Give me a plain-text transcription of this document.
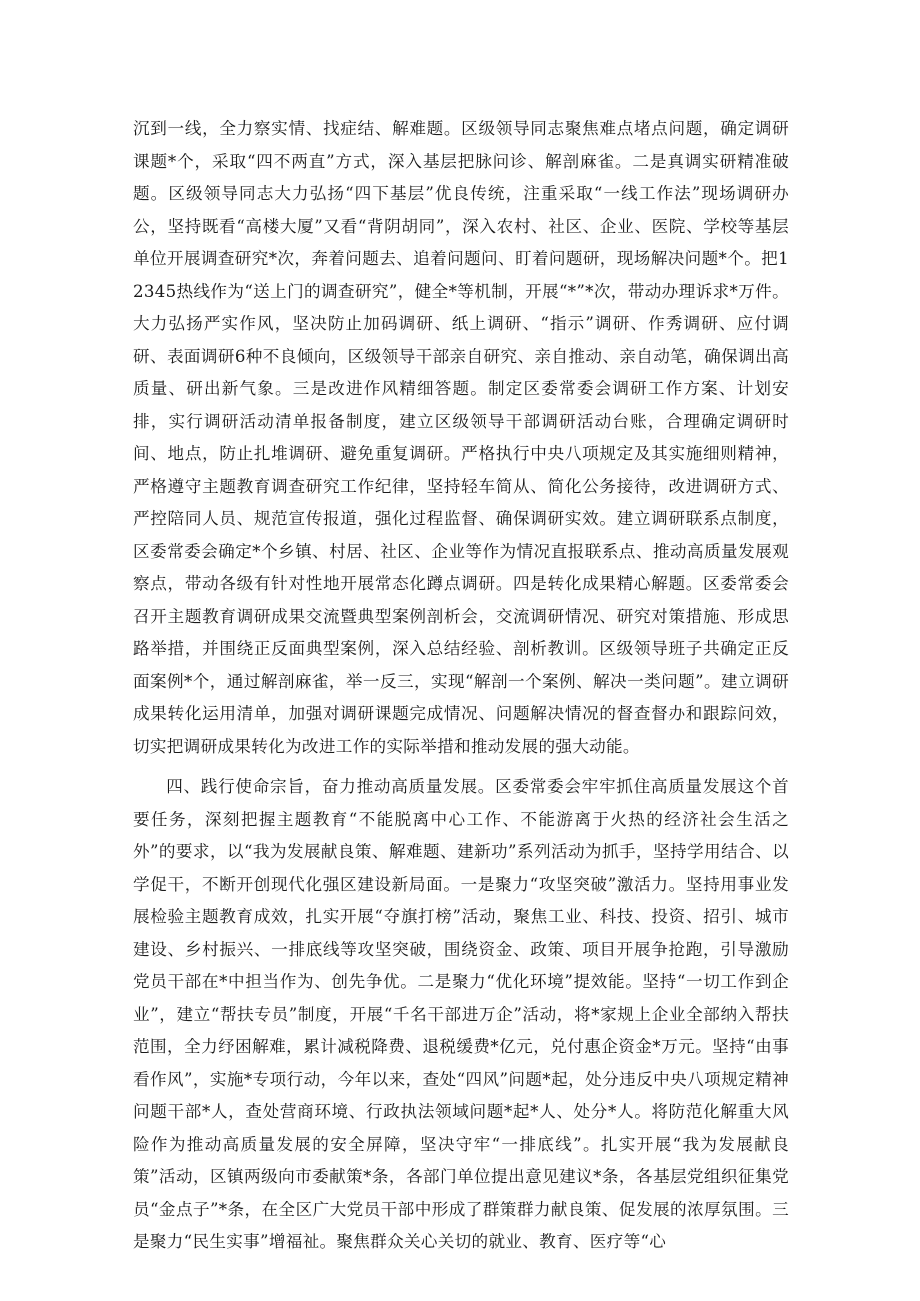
沉到一线，全力察实情、找症结、解难题。区级领导同志聚焦难点堵点问题，确定调研课题*个，采取“四不两直”方式，深入基层把脉问诊、解剖麻雀。二是真调实研精准破题。区级领导同志大力弘扬“四下基层”优良传统，注重采取“一线工作法”现场调研办公，坚持既看“高楼大厦”又看“背阴胡同”，深入农村、社区、企业、医院、学校等基层单位开展调查研究*次，奔着问题去、追着问题问、盯着问题研，现场解决问题*个。把12345热线作为“送上门的调查研究”，健全*等机制，开展“*”*次，带动办理诉求*万件。大力弘扬严实作风，坚决防止加码调研、纸上调研、“指示”调研、作秀调研、应付调研、表面调研6种不良倾向，区级领导干部亲自研究、亲自推动、亲自动笔，确保调出高质量、研出新气象。三是改进作风精细答题。制定区委常委会调研工作方案、计划安排，实行调研活动清单报备制度，建立区级领导干部调研活动台账，合理确定调研时间、地点，防止扎堆调研、避免重复调研。严格执行中央八项规定及其实施细则精神，严格遵守主题教育调查研究工作纪律，坚持轻车简从、简化公务接待，改进调研方式、严控陪同人员、规范宣传报道，强化过程监督、确保调研实效。建立调研联系点制度，区委常委会确定*个乡镇、村居、社区、企业等作为情况直报联系点、推动高质量发展观察点，带动各级有针对性地开展常态化蹲点调研。四是转化成果精心解题。区委常委会召开主题教育调研成果交流暨典型案例剖析会，交流调研情况、研究对策措施、形成思路举措，并围绕正反面典型案例，深入总结经验、剖析教训。区级领导班子共确定正反面案例*个，通过解剖麻雀，举一反三，实现“解剖一个案例、解决一类问题”。建立调研成果转化运用清单，加强对调研课题完成情况、问题解决情况的督查督办和跟踪问效，切实把调研成果转化为改进工作的实际举措和推动发展的强大动能。

四、践行使命宗旨，奋力推动高质量发展。区委常委会牢牢抓住高质量发展这个首要任务，深刻把握主题教育“不能脱离中心工作、不能游离于火热的经济社会生活之外”的要求，以“我为发展献良策、解难题、建新功”系列活动为抓手，坚持学用结合、以学促干，不断开创现代化强区建设新局面。一是聚力“攻坚突破”激活力。坚持用事业发展检验主题教育成效，扎实开展“夺旗打榜”活动，聚焦工业、科技、投资、招引、城市建设、乡村振兴、一排底线等攻坚突破，围绕资金、政策、项目开展争抢跑，引导激励党员干部在*中担当作为、创先争优。二是聚力“优化环境”提效能。坚持“一切工作到企业”，建立“帮扶专员”制度，开展“千名干部进万企”活动，将*家规上企业全部纳入帮扶范围，全力纾困解难，累计减税降费、退税缓费*亿元，兑付惠企资金*万元。坚持“由事看作风”，实施*专项行动，今年以来，查处“四风”问题*起，处分违反中央八项规定精神问题干部*人，查处营商环境、行政执法领域问题*起*人、处分*人。将防范化解重大风险作为推动高质量发展的安全屏障，坚决守牢“一排底线”。扎实开展“我为发展献良策”活动，区镇两级向市委献策*条，各部门单位提出意见建议*条，各基层党组织征集党员“金点子”*条，在全区广大党员干部中形成了群策群力献良策、促发展的浓厚氛围。三是聚力“民生实事”增福祉。聚焦群众关心关切的就业、教育、医疗等“心
